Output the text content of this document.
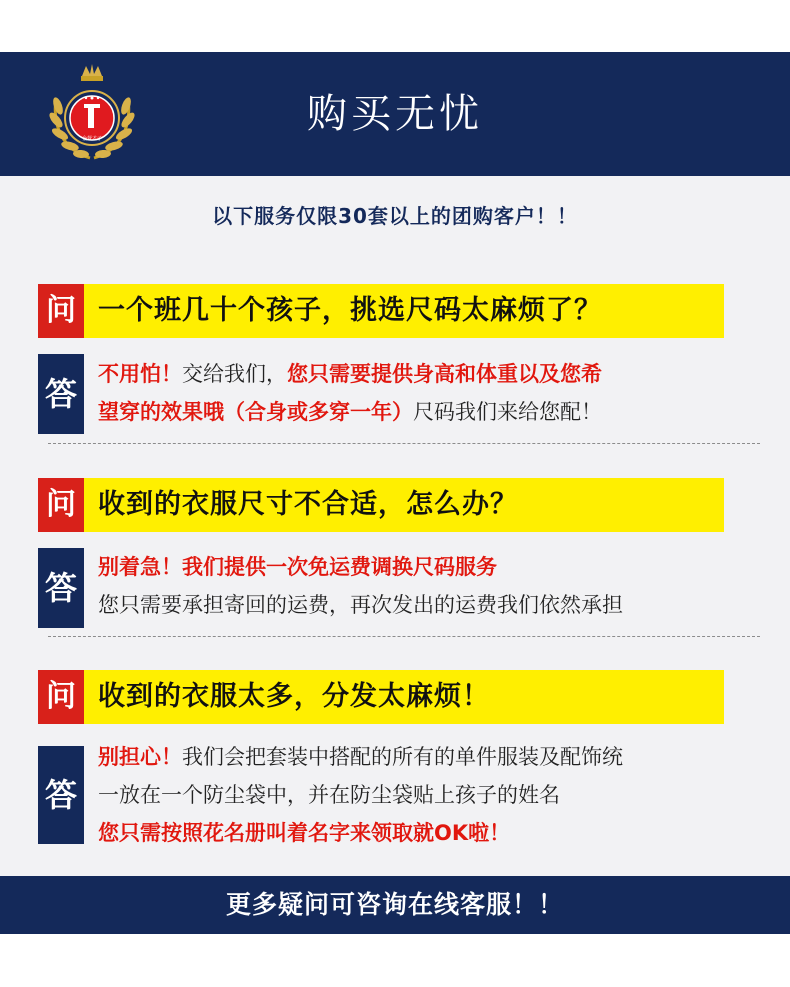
金督才子
购买无忧
以下服务仅限30套以上的团购客户！！
问 一个班几十个孩子，挑选尺码太麻烦了？
答
不用怕！交给我们，您只需要提供身高和体重以及您希
望穿的效果哦（合身或多穿一年）尺码我们来给您配！
问 收到的衣服尺寸不合适，怎么办？
答
别着急！我们提供一次免运费调换尺码服务
您只需要承担寄回的运费，再次发出的运费我们依然承担
问 收到的衣服太多，分发太麻烦！
答
别担心！我们会把套装中搭配的所有的单件服装及配饰统
一放在一个防尘袋中，并在防尘袋贴上孩子的姓名
您只需按照花名册叫着名字来领取就OK啦！
更多疑问可咨询在线客服！！
